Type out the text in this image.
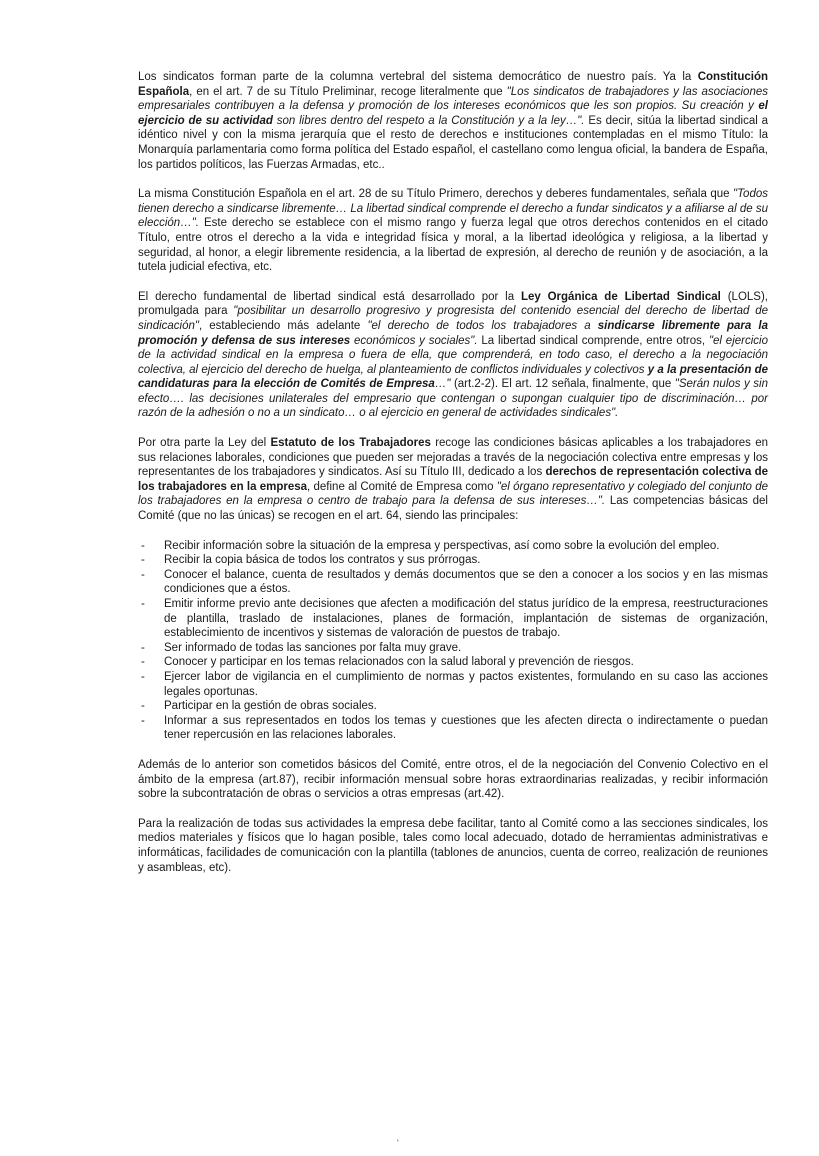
Los sindicatos forman parte de la columna vertebral del sistema democrático de nuestro país. Ya la Constitución Española, en el art. 7 de su Título Preliminar, recoge literalmente que "Los sindicatos de trabajadores y las asociaciones empresariales contribuyen a la defensa y promoción de los intereses económicos que les son propios. Su creación y el ejercicio de su actividad son libres dentro del respeto a la Constitución y a la ley…". Es decir, sitúa la libertad sindical a idéntico nivel y con la misma jerarquía que el resto de derechos e instituciones contempladas en el mismo Título: la Monarquía parlamentaria como forma política del Estado español, el castellano como lengua oficial, la bandera de España, los partidos políticos, las Fuerzas Armadas, etc..

La misma Constitución Española en el art. 28 de su Título Primero, derechos y deberes fundamentales, señala que "Todos tienen derecho a sindicarse libremente… La libertad sindical comprende el derecho a fundar sindicatos y a afiliarse al de su elección…". Este derecho se establece con el mismo rango y fuerza legal que otros derechos contenidos en el citado Título, entre otros el derecho a la vida e integridad física y moral, a la libertad ideológica y religiosa, a la libertad y seguridad, al honor, a elegir libremente residencia, a la libertad de expresión, al derecho de reunión y de asociación, a la tutela judicial efectiva, etc.

El derecho fundamental de libertad sindical está desarrollado por la Ley Orgánica de Libertad Sindical (LOLS), promulgada para "posibilitar un desarrollo progresivo y progresista del contenido esencial del derecho de libertad de sindicación", estableciendo más adelante "el derecho de todos los trabajadores a sindicarse libremente para la promoción y defensa de sus intereses económicos y sociales". La libertad sindical comprende, entre otros, "el ejercicio de la actividad sindical en la empresa o fuera de ella, que comprenderá, en todo caso, el derecho a la negociación colectiva, al ejercicio del derecho de huelga, al planteamiento de conflictos individuales y colectivos y a la presentación de candidaturas para la elección de Comités de Empresa…" (art.2-2). El art. 12 señala, finalmente, que "Serán nulos y sin efecto…. las decisiones unilaterales del empresario que contengan o supongan cualquier tipo de discriminación… por razón de la adhesión o no a un sindicato… o al ejercicio en general de actividades sindicales".

Por otra parte la Ley del Estatuto de los Trabajadores recoge las condiciones básicas aplicables a los trabajadores en sus relaciones laborales, condiciones que pueden ser mejoradas a través de la negociación colectiva entre empresas y los representantes de los trabajadores y sindicatos. Así su Título III, dedicado a los derechos de representación colectiva de los trabajadores en la empresa, define al Comité de Empresa como "el órgano representativo y colegiado del conjunto de los trabajadores en la empresa o centro de trabajo para la defensa de sus intereses…". Las competencias básicas del Comité (que no las únicas) se recogen en el art. 64, siendo las principales:

- Recibir información sobre la situación de la empresa y perspectivas, así como sobre la evolución del empleo.
- Recibir la copia básica de todos los contratos y sus prórrogas.
- Conocer el balance, cuenta de resultados y demás documentos que se den a conocer a los socios y en las mismas condiciones que a éstos.
- Emitir informe previo ante decisiones que afecten a modificación del status jurídico de la empresa, reestructuraciones de plantilla, traslado de instalaciones, planes de formación, implantación de sistemas de organización, establecimiento de incentivos y sistemas de valoración de puestos de trabajo.
- Ser informado de todas las sanciones por falta muy grave.
- Conocer y participar en los temas relacionados con la salud laboral y prevención de riesgos.
- Ejercer labor de vigilancia en el cumplimiento de normas y pactos existentes, formulando en su caso las acciones legales oportunas.
- Participar en la gestión de obras sociales.
- Informar a sus representados en todos los temas y cuestiones que les afecten directa o indirectamente o puedan tener repercusión en las relaciones laborales.

Además de lo anterior son cometidos básicos del Comité, entre otros, el de la negociación del Convenio Colectivo en el ámbito de la empresa (art.87), recibir información mensual sobre horas extraordinarias realizadas, y recibir información sobre la subcontratación de obras o servicios a otras empresas (art.42).

Para la realización de todas sus actividades la empresa debe facilitar, tanto al Comité como a las secciones sindicales, los medios materiales y físicos que lo hagan posible, tales como local adecuado, dotado de herramientas administrativas e informáticas, facilidades de comunicación con la plantilla (tablones de anuncios, cuenta de correo, realización de reuniones y asambleas, etc).

'
